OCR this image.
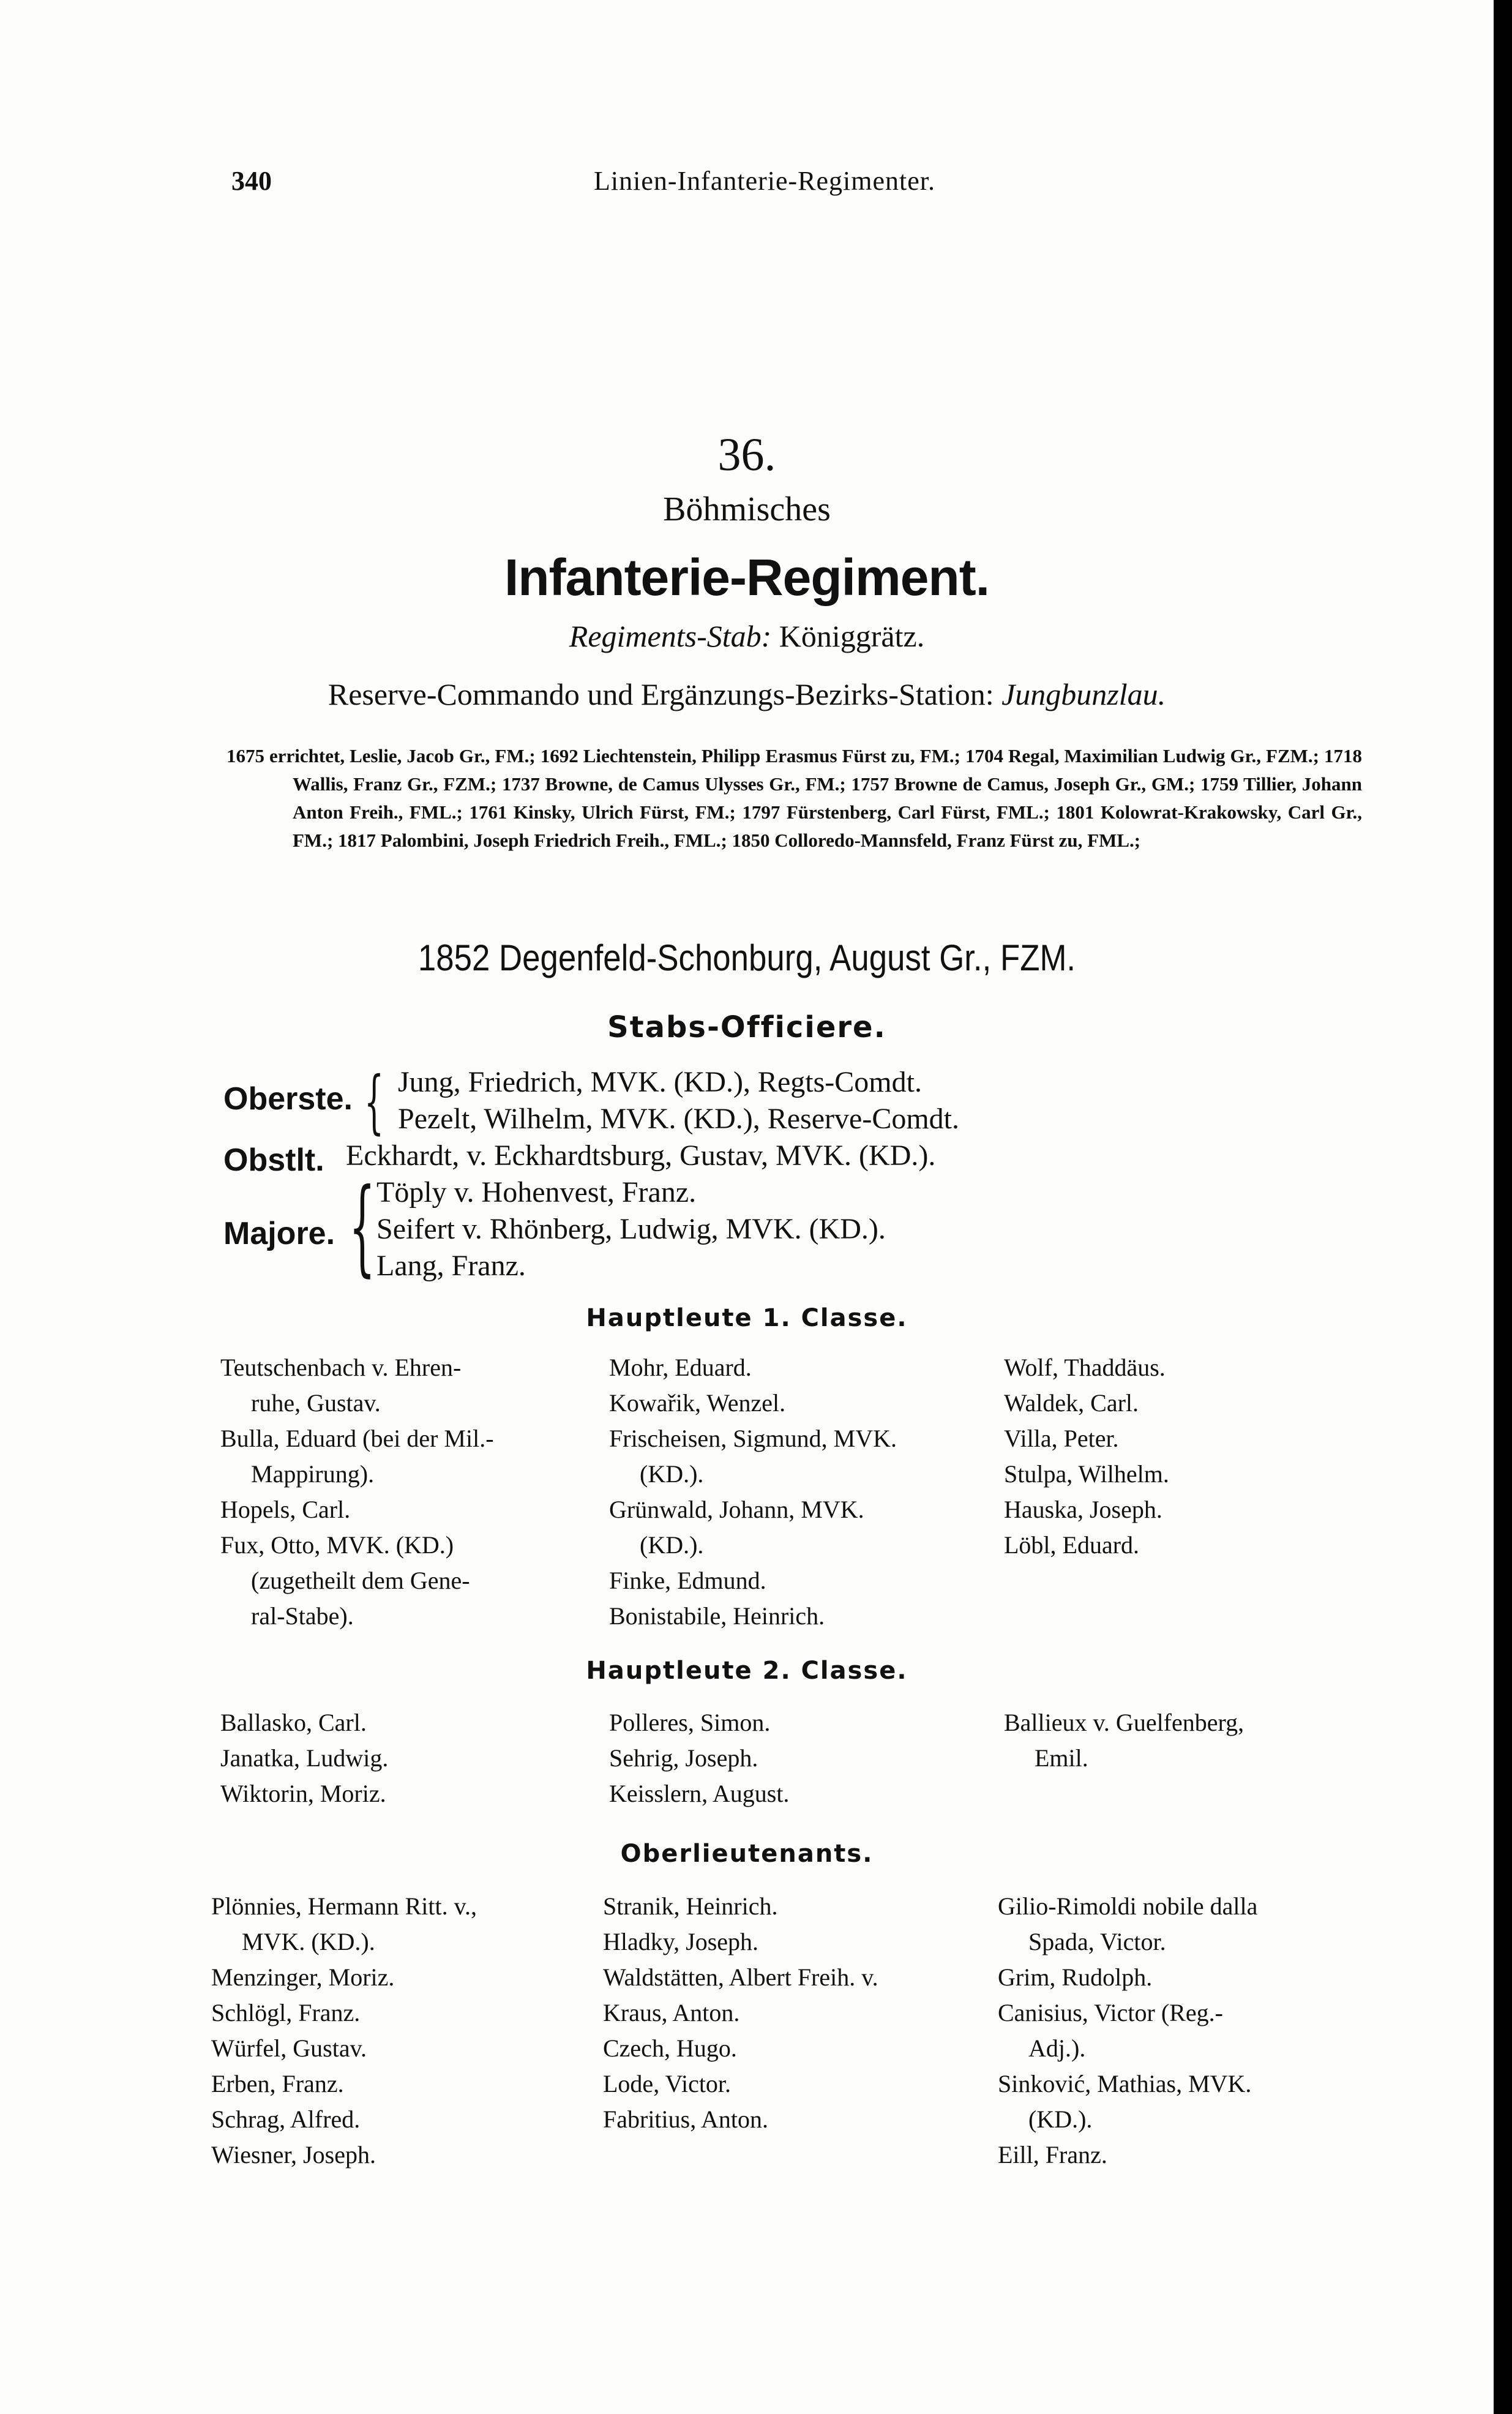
340	Linien-Infanterie-Regimenter.
36.
Böhmisches
Infanterie-Regiment.
Regiments-Stab: Königgrätz.
Reserve-Commando und Ergänzungs-Bezirks-Station: Jungbunzlau.
1675 errichtet, Leslie, Jacob Gr., FM.; 1692 Liechtenstein, Philipp Erasmus Fürst zu, FM.; 1704 Regal, Maximilian Ludwig Gr., FZM.; 1718 Wallis, Franz Gr., FZM.; 1737 Browne, de Camus Ulysses Gr., FM.; 1757 Browne de Camus, Joseph Gr., GM.; 1759 Tillier, Johann Anton Freih., FML.; 1761 Kinsky, Ulrich Fürst, FM.; 1797 Fürstenberg, Carl Fürst, FML.; 1801 Kolowrat-Krakowsky, Carl Gr., FM.; 1817 Palombini, Joseph Friedrich Freih., FML.; 1850 Colloredo-Mannsfeld, Franz Fürst zu, FML.;
1852 Degenfeld-Schonburg, August Gr., FZM.
Stabs-Officiere.
Oberste. { Jung, Friedrich, MVK. (KD.), Regts-Comdt.
Pezelt, Wilhelm, MVK. (KD.), Reserve-Comdt.
Obstlt. Eckhardt, v. Eckhardtsburg, Gustav, MVK. (KD.).
Majore. { Töply v. Hohenvest, Franz.
Seifert v. Rhönberg, Ludwig, MVK. (KD.).
Lang, Franz.
Hauptleute 1. Classe.
Teutschenbach v. Ehren-
ruhe, Gustav.
Bulla, Eduard (bei der Mil.-
Mappirung).
Hopels, Carl.
Fux, Otto, MVK. (KD.)
(zugetheilt dem Gene-
ral-Stabe).
Mohr, Eduard.
Kowařik, Wenzel.
Frischeisen, Sigmund, MVK.
(KD.).
Grünwald, Johann, MVK.
(KD.).
Finke, Edmund.
Bonistabile, Heinrich.
Wolf, Thaddäus.
Waldek, Carl.
Villa, Peter.
Stulpa, Wilhelm.
Hauska, Joseph.
Löbl, Eduard.
Hauptleute 2. Classe.
Ballasko, Carl.
Janatka, Ludwig.
Wiktorin, Moriz.
Polleres, Simon.
Sehrig, Joseph.
Keisslern, August.
Ballieux v. Guelfenberg,
Emil.
Oberlieutenants.
Plönnies, Hermann Ritt. v.,
MVK. (KD.).
Menzinger, Moriz.
Schlögl, Franz.
Würfel, Gustav.
Erben, Franz.
Schrag, Alfred.
Wiesner, Joseph.
Stranik, Heinrich.
Hladky, Joseph.
Waldstätten, Albert Freih. v.
Kraus, Anton.
Czech, Hugo.
Lode, Victor.
Fabritius, Anton.
Gilio-Rimoldi nobile dalla
Spada, Victor.
Grim, Rudolph.
Canisius, Victor (Reg.-
Adj.).
Sinković, Mathias, MVK.
(KD.).
Eill, Franz.
